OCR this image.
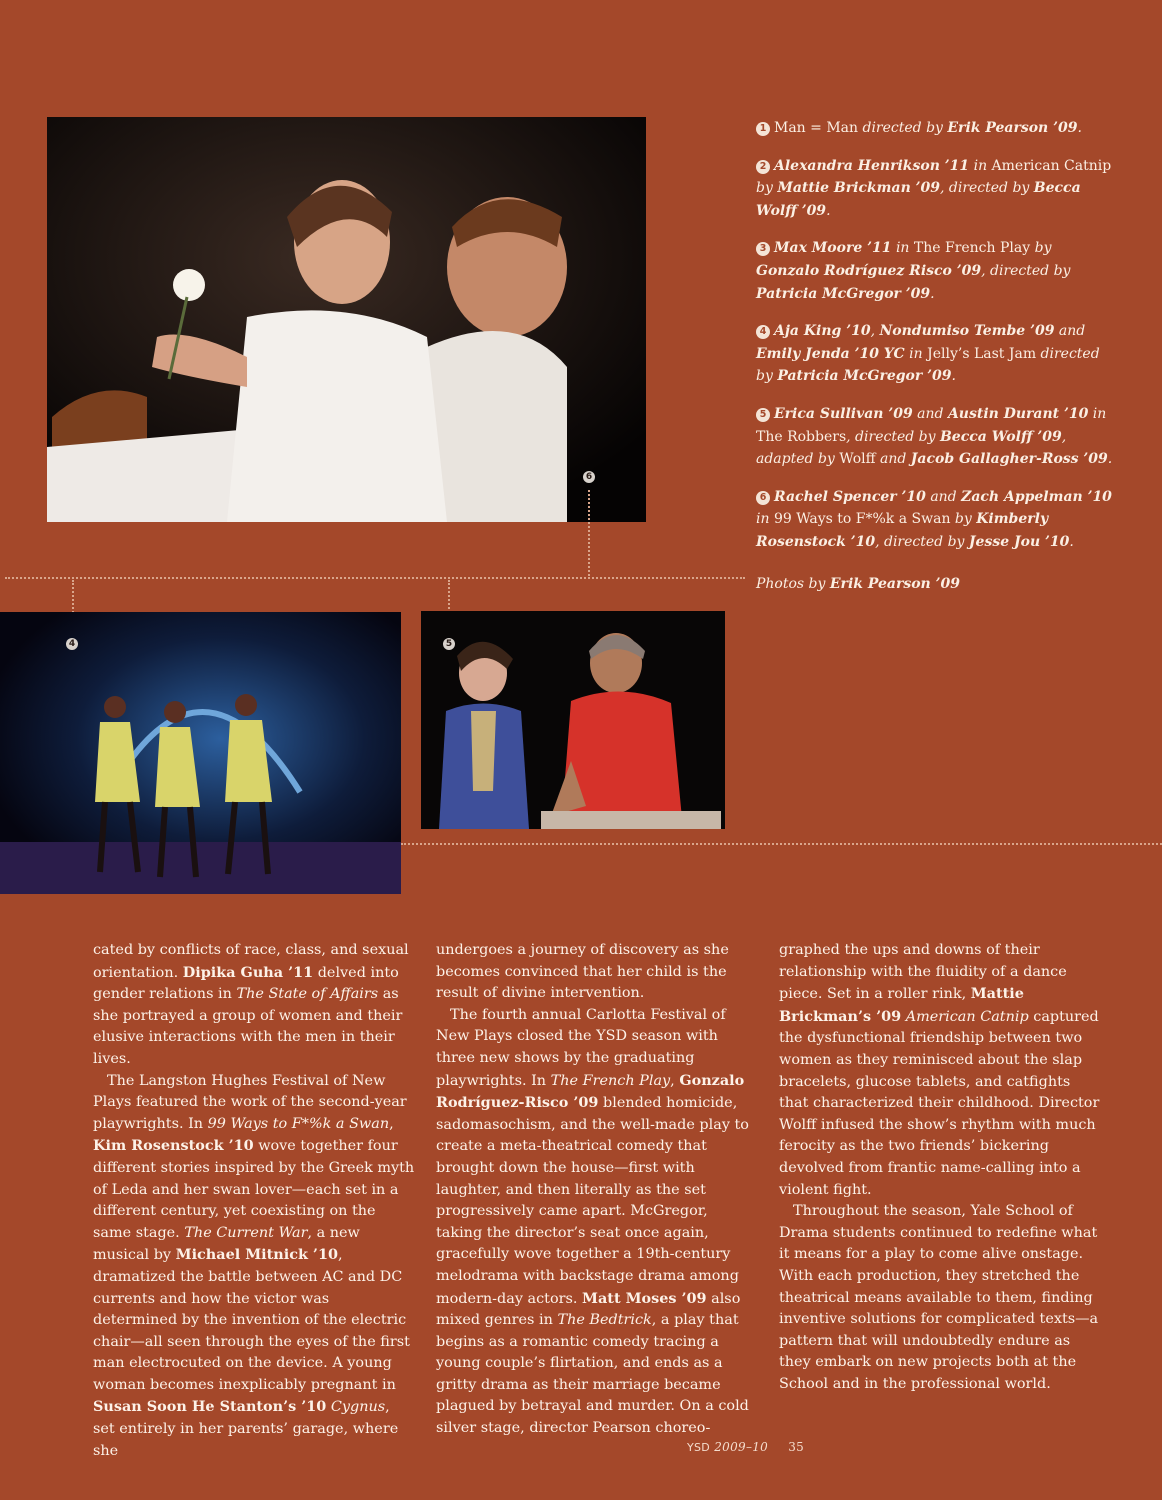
6
4	5

1 Man = Man directed by Erik Pearson ’09.

2 Alexandra Henrikson ’11 in American Catnip by Mattie Brickman ’09, directed by Becca Wolff ’09.

3 Max Moore ’11 in The French Play by Gonzalo Rodríguez Risco ’09, directed by Patricia McGregor ’09.

4 Aja King ’10, Nondumiso Tembe ’09 and Emily Jenda ’10 YC in Jelly’s Last Jam directed by Patricia McGregor ’09.

5 Erica Sullivan ’09 and Austin Durant ’10 in The Robbers, directed by Becca Wolff ’09, adapted by Wolff and Jacob Gallagher-Ross ’09.

6 Rachel Spencer ’10 and Zach Appelman ’10 in 99 Ways to F*%k a Swan by Kimberly Rosenstock ’10, directed by Jesse Jou ’10.

Photos by Erik Pearson ’09

cated by conflicts of race, class, and sexual orientation. Dipika Guha ’11 delved into gender relations in The State of Affairs as she portrayed a group of women and their elusive interactions with the men in their lives.

The Langston Hughes Festival of New Plays featured the work of the second-year playwrights. In 99 Ways to F*%k a Swan, Kim Rosenstock ’10 wove together four different stories inspired by the Greek myth of Leda and her swan lover—each set in a different century, yet coexisting on the same stage. The Current War, a new musical by Michael Mitnick ’10, dramatized the battle between AC and DC currents and how the victor was determined by the invention of the electric chair—all seen through the eyes of the first man electrocuted on the device. A young woman becomes inexplicably pregnant in Susan Soon He Stanton’s ’10 Cygnus, set entirely in her parents’ garage, where she

undergoes a journey of discovery as she becomes convinced that her child is the result of divine intervention.

The fourth annual Carlotta Festival of New Plays closed the YSD season with three new shows by the graduating playwrights. In The French Play, Gonzalo Rodríguez-Risco ’09 blended homicide, sadomasochism, and the well-made play to create a meta-theatrical comedy that brought down the house—first with laughter, and then literally as the set progressively came apart. McGregor, taking the director’s seat once again, gracefully wove together a 19th-century melodrama with backstage drama among modern-day actors. Matt Moses ’09 also mixed genres in The Bedtrick, a play that begins as a romantic comedy tracing a young couple’s flirtation, and ends as a gritty drama as their marriage became plagued by betrayal and murder. On a cold silver stage, director Pearson choreo-

graphed the ups and downs of their relationship with the fluidity of a dance piece. Set in a roller rink, Mattie Brickman’s ’09 American Catnip captured the dysfunctional friendship between two women as they reminisced about the slap bracelets, glucose tablets, and catfights that characterized their childhood. Director Wolff infused the show’s rhythm with much ferocity as the two friends’ bickering devolved from frantic name-calling into a violent fight.

Throughout the season, Yale School of Drama students continued to redefine what it means for a play to come alive onstage. With each production, they stretched the theatrical means available to them, finding inventive solutions for complicated texts—a pattern that will undoubtedly endure as they embark on new projects both at the School and in the professional world.

YSD 2009–10 35
